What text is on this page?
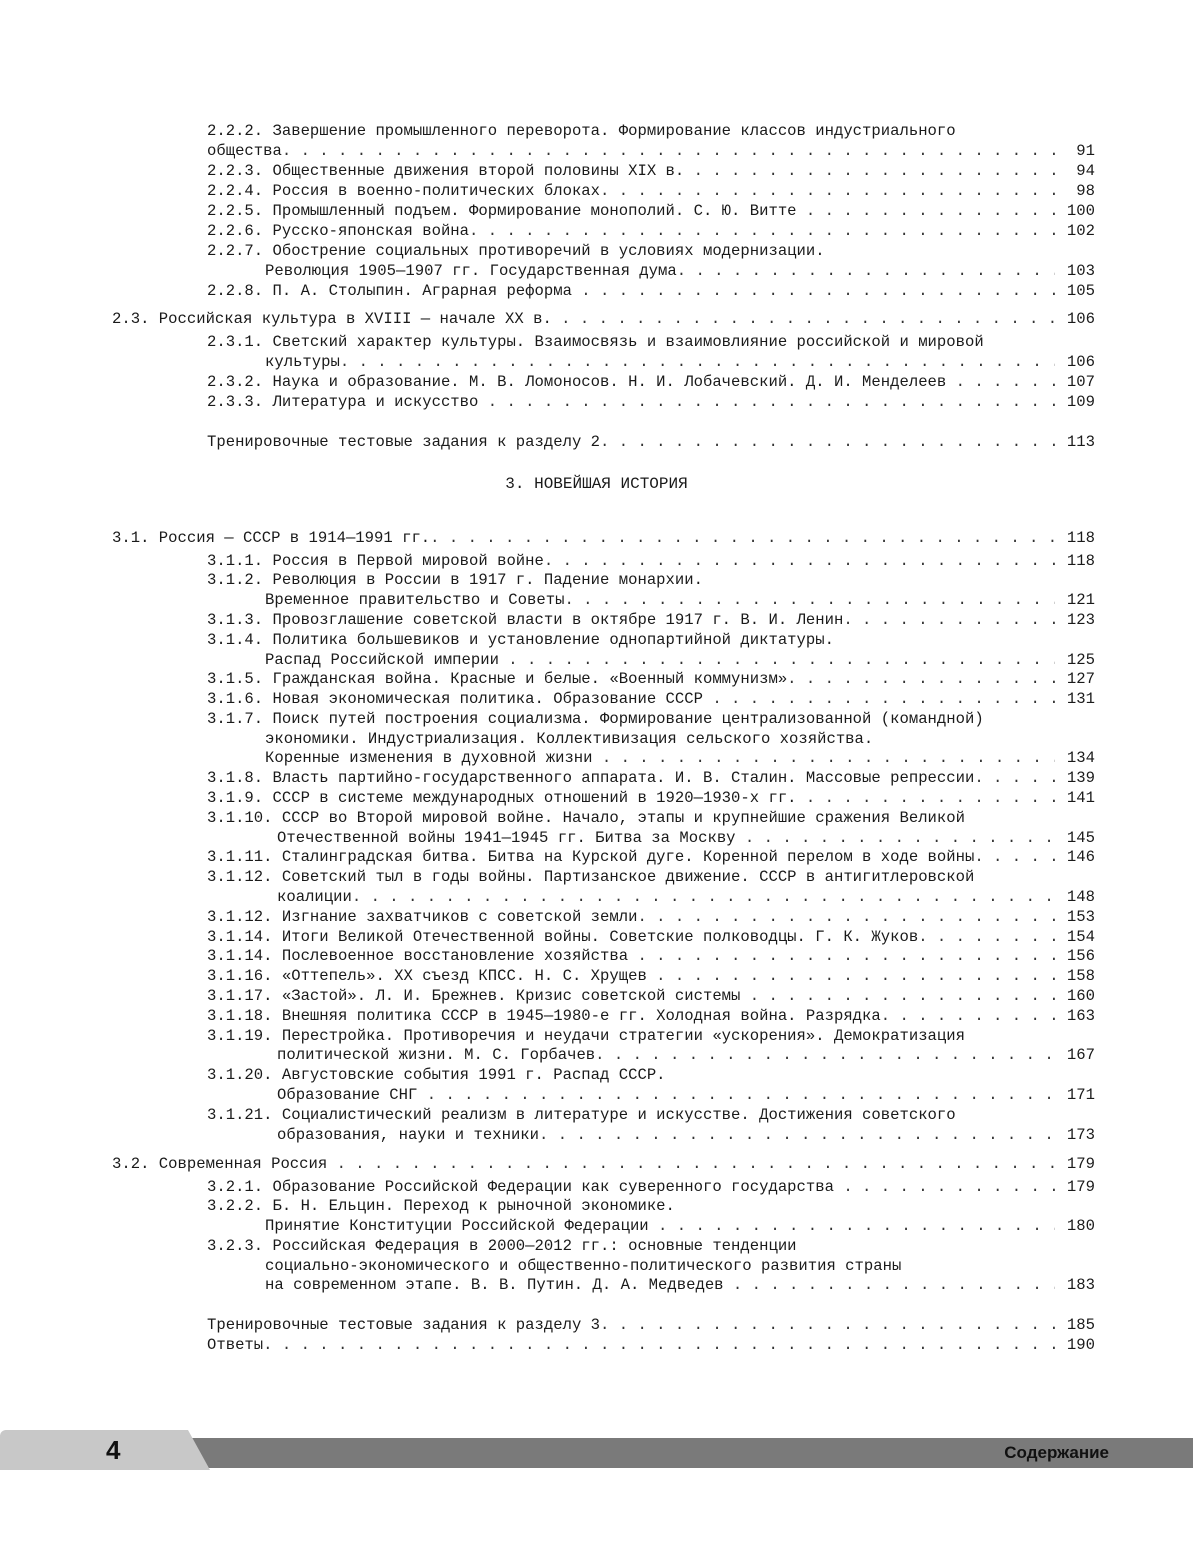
2.2.2. Завершение промышленного переворота. Формирование классов индустриального
. . .
общества	91
. . .
2.2.3. Общественные движения второй половины XIX в.	94
. . .
2.2.4. Россия в военно-политических блоках	98
. . .
2.2.5. Промышленный подъем. Формирование монополий. С. Ю. Витте	100
. . .
2.2.6. Русско-японская война	102
2.2.7. Обострение социальных противоречий в условиях модернизации.
. . .
Революция 1905—1907 гг. Государственная дума	103
. . .
2.2.8. П. А. Столыпин. Аграрная реформа	105
. . .
2.3. Российская культура в XVIII — начале XX в.	106
2.3.1. Светский характер культуры. Взаимосвязь и взаимовлияние российской и мировой
. . .
культуры	106
. . .
2.3.2. Наука и образование. М. В. Ломоносов. Н. И. Лобачевский. Д. И. Менделеев	107
. . .
2.3.3. Литература и искусство	109
. . .
Тренировочные тестовые задания к разделу 2	113
3. НОВЕЙШАЯ ИСТОРИЯ
. . .
3.1. Россия — СССР в 1914—1991 гг.	118
. . .
3.1.1. Россия в Первой мировой войне	118
3.1.2. Революция в России в 1917 г. Падение монархии.
. . .
Временное правительство и Советы	121
. . .
3.1.3. Провозглашение советской власти в октябре 1917 г. В. И. Ленин	123
3.1.4. Политика большевиков и установление однопартийной диктатуры.
. . .
Распад Российской империи	125
. . .
3.1.5. Гражданская война. Красные и белые. «Военный коммунизм»	127
. . .
3.1.6. Новая экономическая политика. Образование СССР	131
3.1.7. Поиск путей построения социализма. Формирование централизованной (командной)
экономики. Индустриализация. Коллективизация сельского хозяйства.
. . .
Коренные изменения в духовной жизни	134
. . .
3.1.8. Власть партийно-государственного аппарата. И. В. Сталин. Массовые репрессии	139
. . .
3.1.9. СССР в системе международных отношений в 1920—1930-х гг.	141
3.1.10. СССР во Второй мировой войне. Начало, этапы и крупнейшие сражения Великой
. . .
Отечественной войны 1941—1945 гг. Битва за Москву	145
. . .
3.1.11. Сталинградская битва. Битва на Курской дуге. Коренной перелом в ходе войны	146
3.1.12. Советский тыл в годы войны. Партизанское движение. СССР в антигитлеровской
. . .
коалиции	148
. . .
3.1.12. Изгнание захватчиков с советской земли	153
. . .
3.1.14. Итоги Великой Отечественной войны. Советские полководцы. Г. К. Жуков	154
. . .
3.1.14. Послевоенное восстановление хозяйства	156
. . .
3.1.16. «Оттепель». XX съезд КПСС. Н. С. Хрущев	158
. . .
3.1.17. «Застой». Л. И. Брежнев. Кризис советской системы	160
. . .
3.1.18. Внешняя политика СССР в 1945—1980-е гг. Холодная война. Разрядка	163
3.1.19. Перестройка. Противоречия и неудачи стратегии «ускорения». Демократизация
. . .
политической жизни. М. С. Горбачев	167
3.1.20. Августовские события 1991 г. Распад СССР.
. . .
Образование СНГ	171
3.1.21. Социалистический реализм в литературе и искусстве. Достижения советского
. . .
образования, науки и техники	173
. . .
3.2. Современная Россия	179
. . .
3.2.1. Образование Российской Федерации как суверенного государства	179
3.2.2. Б. Н. Ельцин. Переход к рыночной экономике.
. . .
Принятие Конституции Российской Федерации	180
3.2.3. Российская Федерация в 2000—2012 гг.: основные тенденции
социально-экономического и общественно-политического развития страны
. . .
на современном этапе. В. В. Путин. Д. А. Медведев	183
. . .
Тренировочные тестовые задания к разделу 3	185
. . .
Ответы	190
4	Содержание
